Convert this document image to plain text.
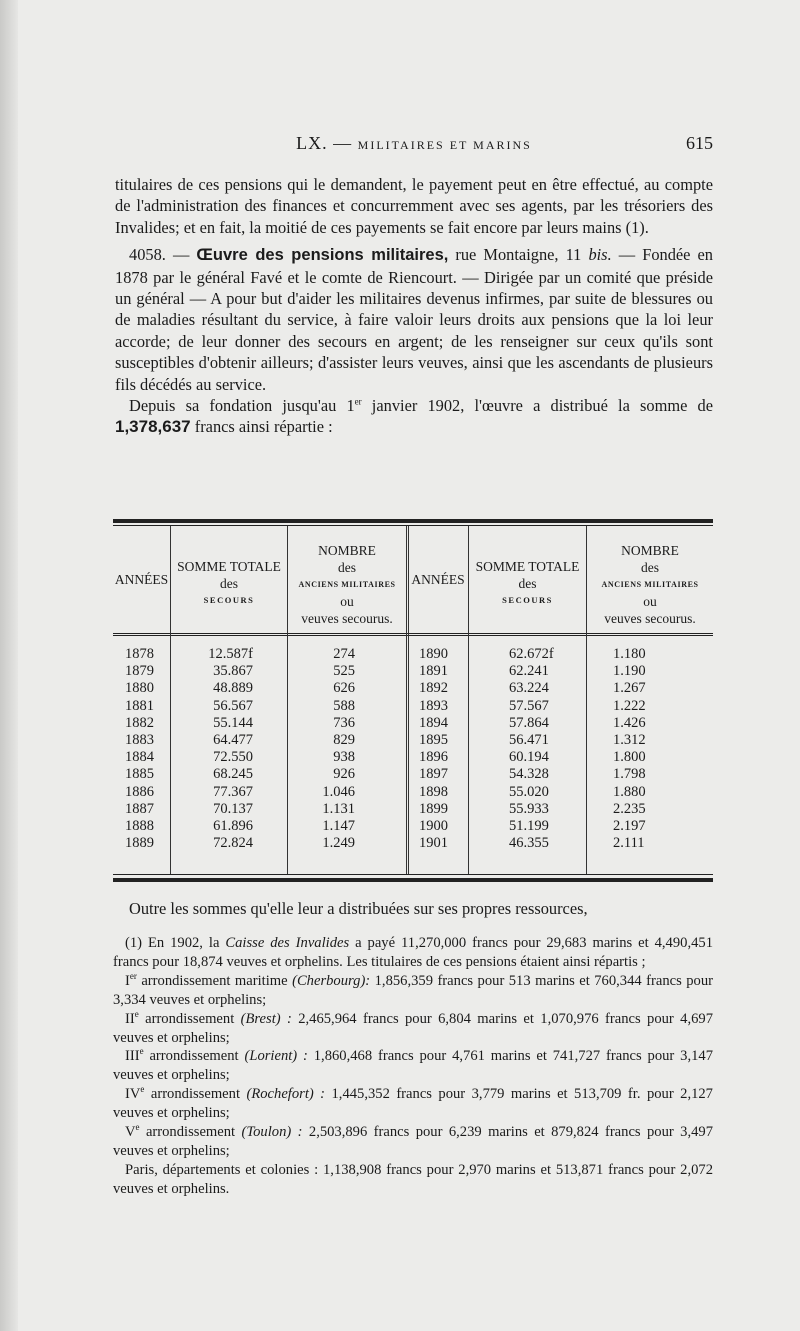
LX. — MILITAIRES ET MARINS	615

titulaires de ces pensions qui le demandent, le payement peut en être effectué, au compte de l'administration des finances et concurremment avec ses agents, par les trésoriers des Invalides; et en fait, la moitié de ces payements se fait encore par leurs mains (1).

4058. — Œuvre des pensions militaires, rue Montaigne, 11 bis. — Fondée en 1878 par le général Favé et le comte de Riencourt. — Dirigée par un comité que préside un général — A pour but d'aider les militaires devenus infirmes, par suite de blessures ou de maladies résultant du service, à faire valoir leurs droits aux pensions que la loi leur accorde; de leur donner des secours en argent; de les renseigner sur ceux qu'ils sont susceptibles d'obtenir ailleurs; d'assister leurs veuves, ainsi que les ascendants de plusieurs fils décédés au service.

Depuis sa fondation jusqu'au 1er janvier 1902, l'œuvre a distribué la somme de 1,378,637 francs ainsi répartie :

ANNÉES
SOMME TOTALE
des
SECOURS
NOMBRE
des
ANCIENS MILITAIRES
ou
veuves secourus.
ANNÉES
SOMME TOTALE
des
SECOURS
NOMBRE
des
ANCIENS MILITAIRES
ou
veuves secourus.
1878
1879
1880
1881
1882
1883
1884
1885
1886
1887
1888
1889
12.587f
35.867
48.889
56.567
55.144
64.477
72.550
68.245
77.367
70.137
61.896
72.824
274
525
626
588
736
829
938
926
1.046
1.131
1.147
1.249
1890
1891
1892
1893
1894
1895
1896
1897
1898
1899
1900
1901
62.672f
62.241
63.224
57.567
57.864
56.471
60.194
54.328
55.020
55.933
51.199
46.355
1.180
1.190
1.267
1.222
1.426
1.312
1.800
1.798
1.880
2.235
2.197
2.111

Outre les sommes qu'elle leur a distribuées sur ses propres ressources,

(1) En 1902, la Caisse des Invalides a payé 11,270,000 francs pour 29,683 marins et 4,490,451 francs pour 18,874 veuves et orphelins. Les titulaires de ces pensions étaient ainsi répartis ;

Ier arrondissement maritime (Cherbourg): 1,856,359 francs pour 513 marins et 760,344 francs pour 3,334 veuves et orphelins;

IIe arrondissement (Brest) : 2,465,964 francs pour 6,804 marins et 1,070,976 francs pour 4,697 veuves et orphelins;

IIIe arrondissement (Lorient) : 1,860,468 francs pour 4,761 marins et 741,727 francs pour 3,147 veuves et orphelins;

IVe arrondissement (Rochefort) : 1,445,352 francs pour 3,779 marins et 513,709 fr. pour 2,127 veuves et orphelins;

Ve arrondissement (Toulon) : 2,503,896 francs pour 6,239 marins et 879,824 francs pour 3,497 veuves et orphelins;

Paris, départements et colonies : 1,138,908 francs pour 2,970 marins et 513,871 francs pour 2,072 veuves et orphelins.
